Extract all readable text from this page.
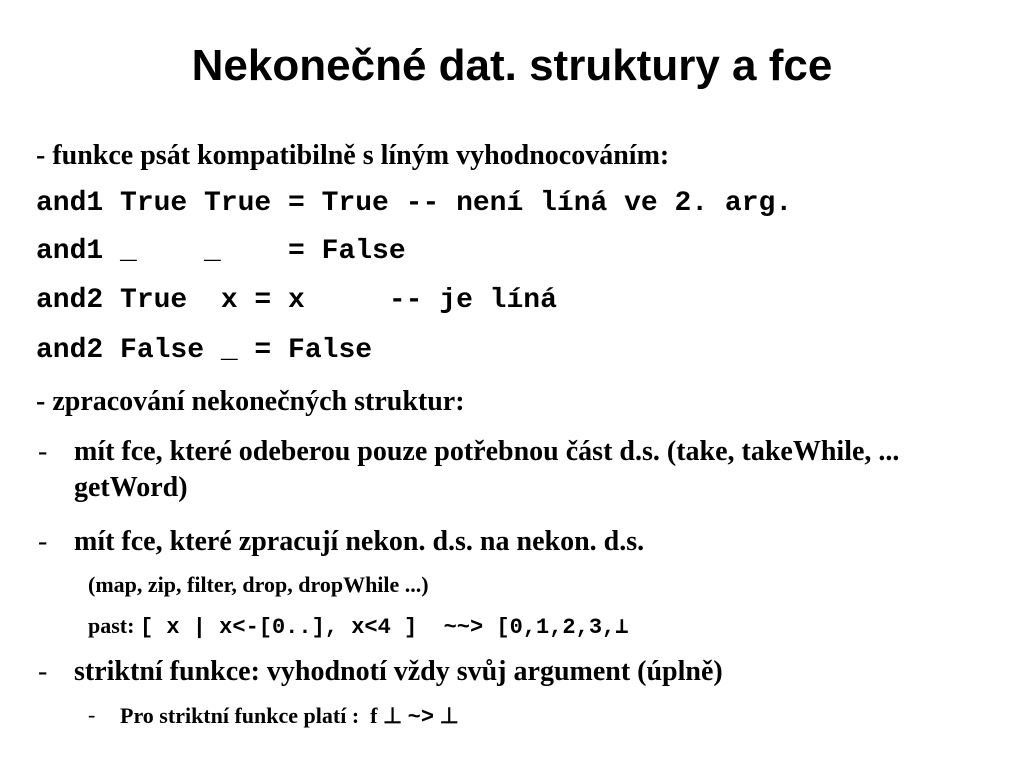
Nekonečné dat. struktury a fce
- funkce psát kompatibilně s líným vyhodnocováním:
and1 True True = True -- není líná ve 2. arg.
and1 _    _    = False
and2 True  x = x     -- je líná
and2 False _ = False
- zpracování nekonečných struktur:
- mít fce, které odeberou pouze potřebnou část d.s. (take, takeWhile, ... getWord)
- mít fce, které zpracují nekon. d.s. na nekon. d.s.
(map, zip, filter, drop, dropWhile ...)
past: [ x | x<-[0..], x<4 ]  ~~> [0,1,2,3,⊥
- striktní funkce: vyhodnotí vždy svůj argument (úplně)
- Pro striktní funkce platí :  f ⊥ ~> ⊥
